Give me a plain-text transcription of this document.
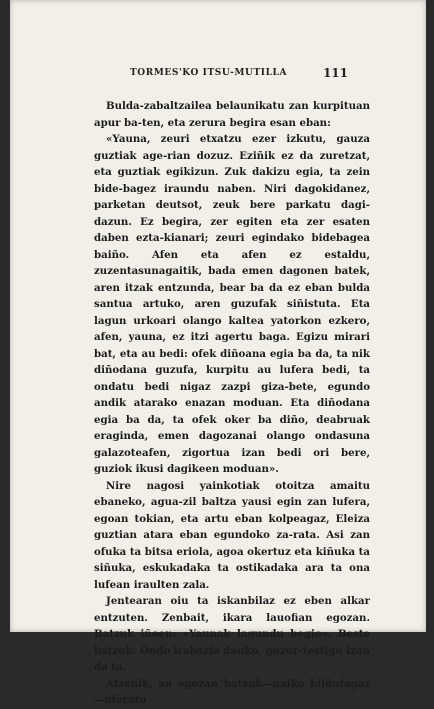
TORMES'KO ITSU-MUTILLA	111

Bulda-zabaltzailea belaunikatu zan kurpituan apur ba-ten, eta zerura begira esan eban:

«Yauna, zeuri etxatzu ezer izkutu, gauza guztiak age-rian dozuz. Eziñik ez da zuretzat, eta guztiak egikizun. Zuk dakizu egia, ta zein bide-bagez iraundu naben. Niri dagokidanez, parketan deutsot, zeuk bere parkatu dagi-dazun. Ez begira, zer egiten eta zer esaten daben ezta-kianari; zeuri egindako bidebagea baiño. Afen eta afen ez estaldu, zuzentasunagaitik, bada emen dagonen batek, aren itzak entzunda, bear ba da ez eban bulda santua artuko, aren guzufak siñistuta. Eta lagun urkoari olango kaltea yatorkon ezkero, afen, yauna, ez itzi agertu baga. Egizu mirari bat, eta au bedi: ofek diñoana egia ba da, ta nik diñodana guzufa, kurpitu au lufera bedi, ta ondatu bedi nigaz zazpi giza-bete, egundo andik atarako enazan moduan. Eta diñodana egia ba da, ta ofek oker ba diño, deabruak eraginda, emen dagozanai olango ondasuna galazoteafen, zigortua izan bedi ori bere, guziok ikusi dagikeen moduan».

Nire nagosi yainkotiak otoitza amaitu ebaneko, agua-zil baltza yausi egin zan lufera, egoan tokian, eta artu eban kolpeagaz, Eleiza guztian atara eban egundoko za-rata. Asi zan ofuka ta bitsa eriola, agoa okertuz eta kiñuka ta siñuka, eskukadaka ta ostikadaka ara ta ona lufean iraulten zala.

Jentearan oiu ta iskanbilaz ez eben alkar entzuten. Zenbait, ikara lauofian egozan. Batzuk iñoen: «Yaunak lagundu begio». Beste batzuk: Ondo irabazia dauko, guzur-testigu izan da ta.

Atzenik, an egozan batzuk—naiko bildufagaz—uferatu
